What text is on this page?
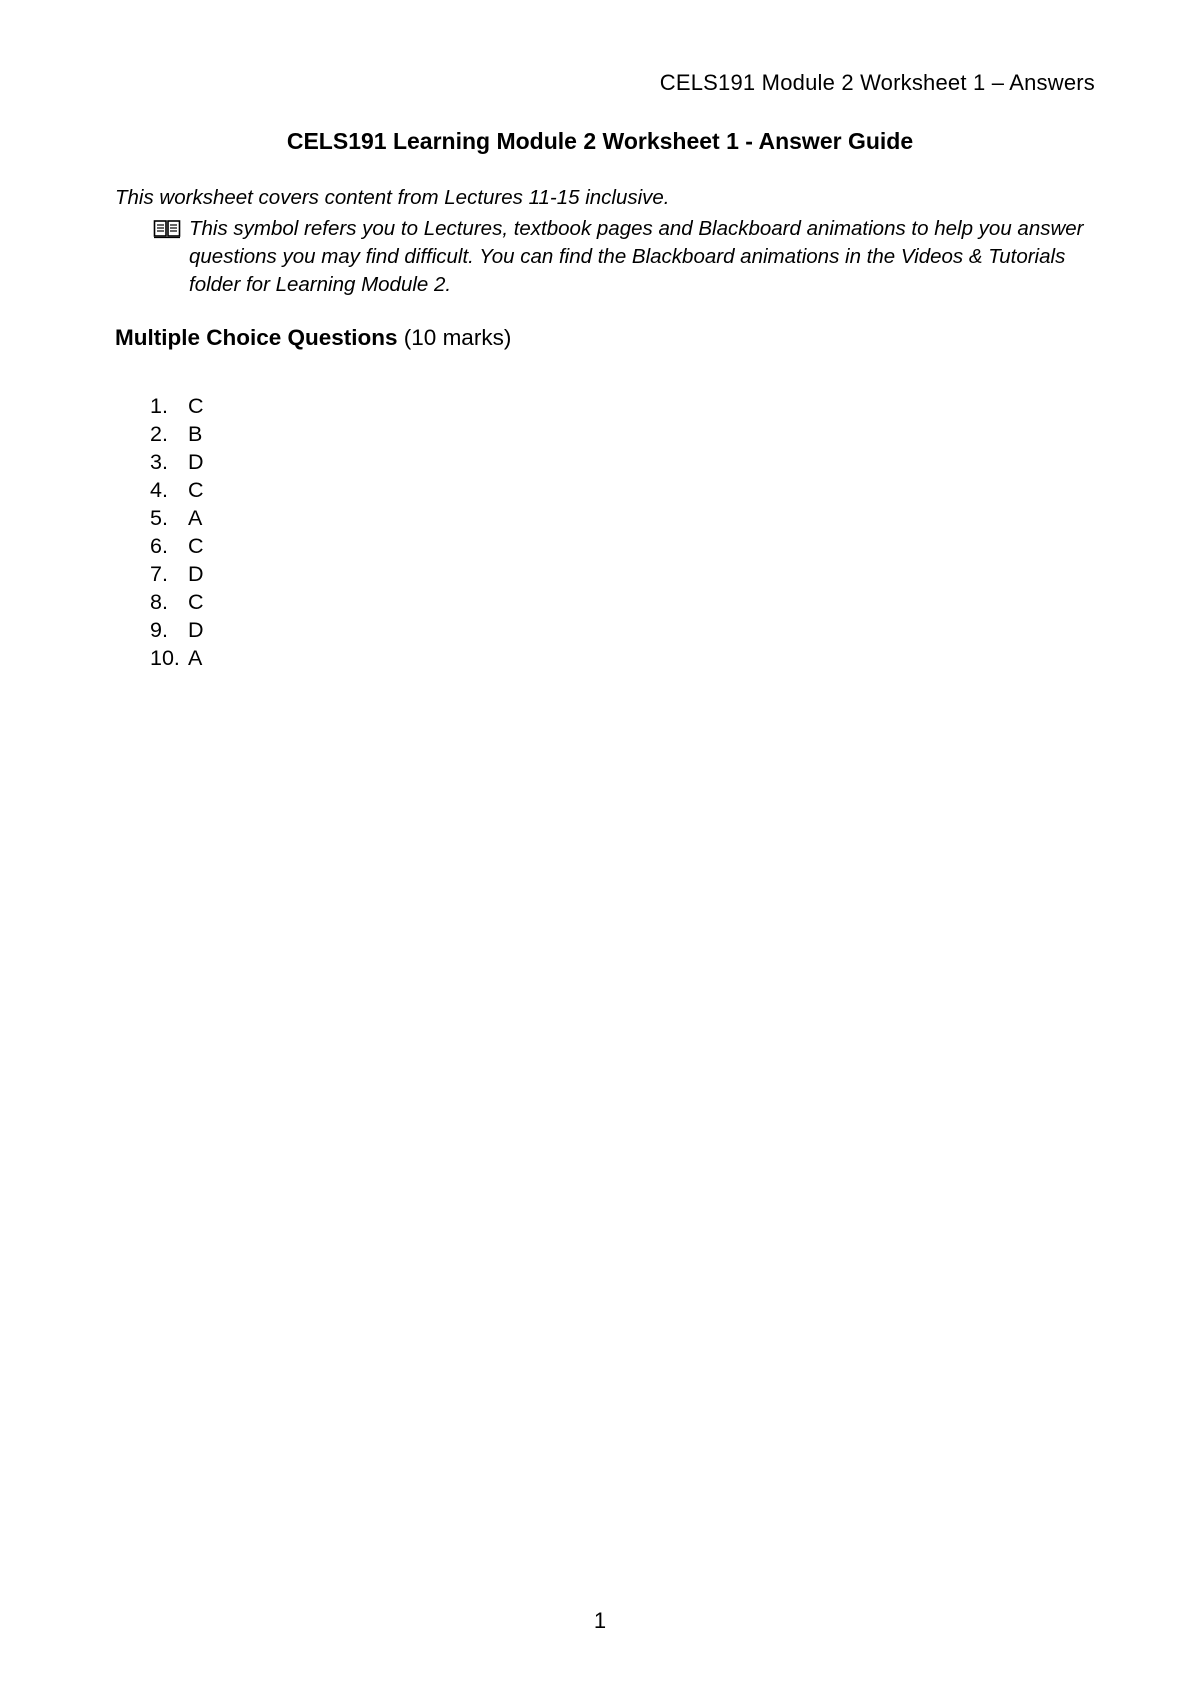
CELS191 Module 2 Worksheet 1 – Answers
CELS191 Learning Module 2 Worksheet 1 - Answer Guide
This worksheet covers content from Lectures 11-15 inclusive.
This symbol refers you to Lectures, textbook pages and Blackboard animations to help you answer questions you may find difficult. You can find the Blackboard animations in the Videos & Tutorials folder for Learning Module 2.
Multiple Choice Questions (10 marks)
1. C
2. B
3. D
4. C
5. A
6. C
7. D
8. C
9. D
10. A
1
